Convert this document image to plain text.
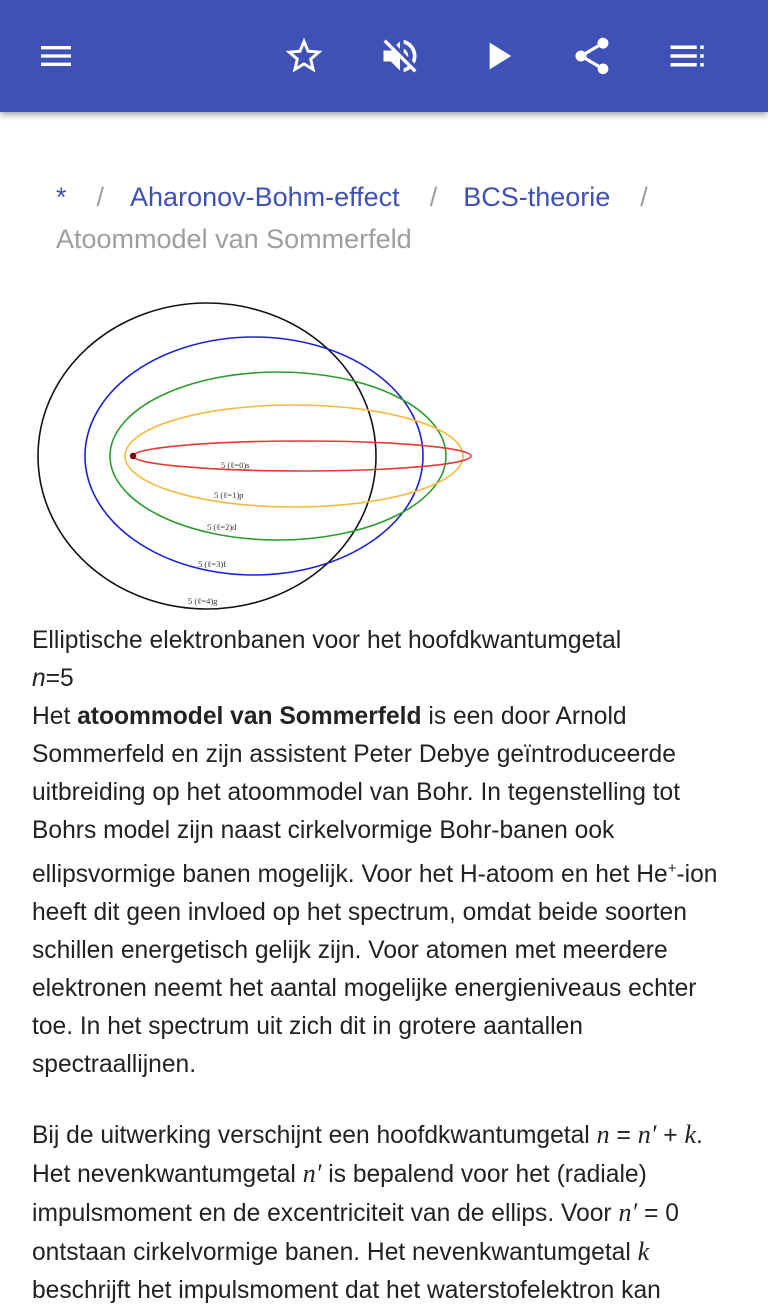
* / Aharonov-Bohm-effect / BCS-theorie /
Atoommodel van Sommerfeld
5 (ℓ=0)s
5 (ℓ=1)p
5 (ℓ=2)d
5 (ℓ=3)f
5 (ℓ=4)g

Elliptische elektronbanen voor het hoofdkwantumgetal
n=5

Het atoommodel van Sommerfeld is een door Arnold Sommerfeld en zijn assistent Peter Debye geïntroduceerde uitbreiding op het atoommodel van Bohr. In tegenstelling tot Bohrs model zijn naast cirkelvormige Bohr-banen ook ellipsvormige banen mogelijk. Voor het H-atoom en het He+-ion heeft dit geen invloed op het spectrum, omdat beide soorten schillen energetisch gelijk zijn. Voor atomen met meerdere elektronen neemt het aantal mogelijke energieniveaus echter toe. In het spectrum uit zich dit in grotere aantallen spectraallijnen.

Bij de uitwerking verschijnt een hoofdkwantumgetal n = n′ + k. Het nevenkwantumgetal n′ is bepalend voor het (radiale) impulsmoment en de excentriciteit van de ellips. Voor n′ = 0 ontstaan cirkelvormige banen. Het nevenkwantumgetal k beschrijft het impulsmoment dat het waterstofelektron kan
